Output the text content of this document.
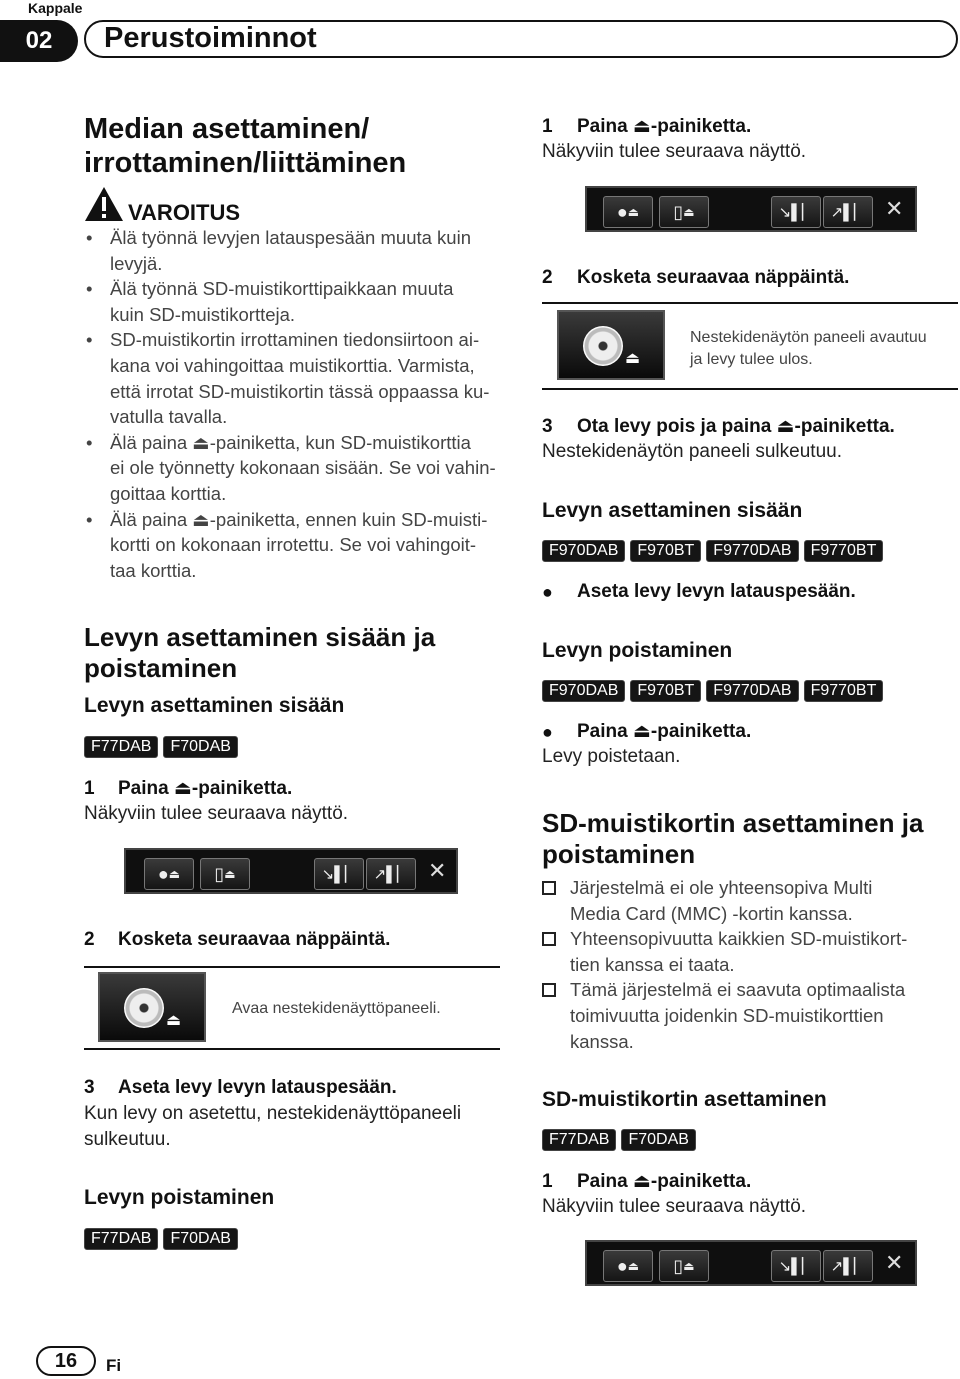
Kappale
02	Perustoiminnot
Median asettaminen/
irrottaminen/liittäminen
VAROITUS
• Älä työnnä levyjen latauspesään muuta kuin
levyjä.
• Älä työnnä SD-muistikorttipaikkaan muuta
kuin SD-muistikortteja.
• SD-muistikortin irrottaminen tiedonsiirtoon ai-
kana voi vahingoittaa muistikorttia. Varmista,
että irrotat SD-muistikortin tässä oppaassa ku-
vatulla tavalla.
• Älä paina ⏏-painiketta, kun SD-muistikorttia
ei ole työnnetty kokonaan sisään. Se voi vahin-
goittaa korttia.
• Älä paina ⏏-painiketta, ennen kuin SD-muisti-
kortti on kokonaan irrotettu. Se voi vahingoit-
taa korttia.
Levyn asettaminen sisään ja
poistaminen
Levyn asettaminen sisään
F77DAB F70DAB
1 Paina ⏏-painiketta.
Näkyviin tulee seuraava näyttö.
● ⏏ ▯ ⏏	↘▌▏	↗▌▏ ✕
2 Kosketa seuraavaa näppäintä.
⏏
Avaa nestekidenäyttöpaneeli.
3 Aseta levy levyn latauspesään.
Kun levy on asetettu, nestekidenäyttöpaneeli
sulkeutuu.
Levyn poistaminen
F77DAB F70DAB
1 Paina ⏏-painiketta.
Näkyviin tulee seuraava näyttö.
● ⏏ ▯ ⏏	↘▌▏	↗▌▏ ✕
2 Kosketa seuraavaa näppäintä.
⏏
Nestekidenäytön paneeli avautuu
ja levy tulee ulos.
3 Ota levy pois ja paina ⏏-painiketta.
Nestekidenäytön paneeli sulkeutuu.
Levyn asettaminen sisään
F970DAB F970BT F9770DAB F9770BT
● Aseta levy levyn latauspesään.
Levyn poistaminen
F970DAB F970BT F9770DAB F9770BT
● Paina ⏏-painiketta.
Levy poistetaan.
SD-muistikortin asettaminen ja
poistaminen
Järjestelmä ei ole yhteensopiva Multi
Media Card (MMC) -kortin kanssa.
Yhteensopivuutta kaikkien SD-muistikort-
tien kanssa ei taata.
Tämä järjestelmä ei saavuta optimaalista
toimivuutta joidenkin SD-muistikorttien
kanssa.
SD-muistikortin asettaminen
F77DAB F70DAB
1 Paina ⏏-painiketta.
Näkyviin tulee seuraava näyttö.
● ⏏ ▯ ⏏	↘▌▏	↗▌▏ ✕
16	Fi
